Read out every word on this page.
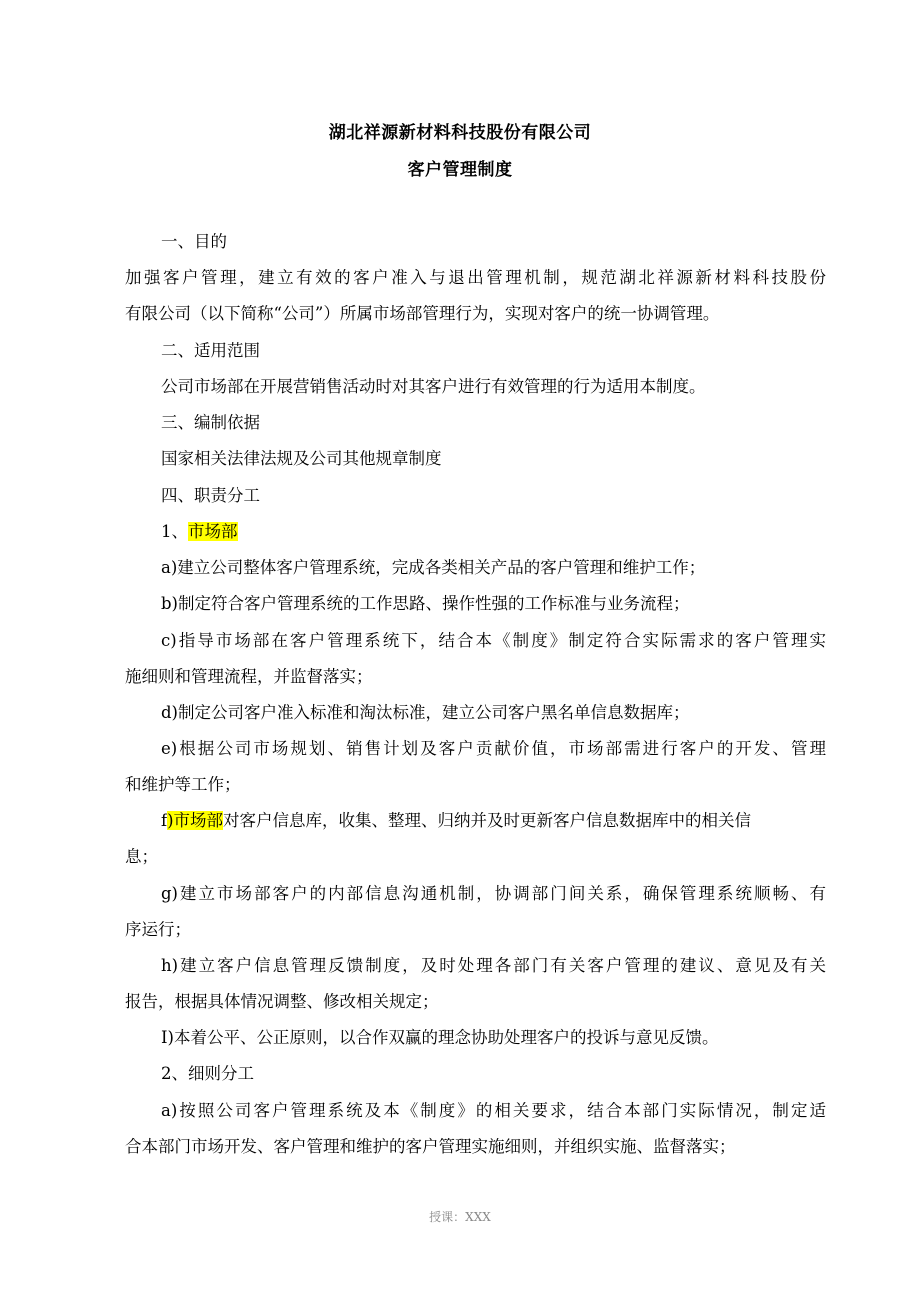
湖北祥源新材料科技股份有限公司
客户管理制度
一、目的
加强客户管理，建立有效的客户准入与退出管理机制，规范湖北祥源新材料科技股份
有限公司（以下简称“公司”）所属市场部管理行为，实现对客户的统一协调管理。
二、适用范围
公司市场部在开展营销售活动时对其客户进行有效管理的行为适用本制度。
三、编制依据
国家相关法律法规及公司其他规章制度
四、职责分工
1、市场部
a)建立公司整体客户管理系统，完成各类相关产品的客户管理和维护工作；
b)制定符合客户管理系统的工作思路、操作性强的工作标准与业务流程；
c)指导市场部在客户管理系统下，结合本《制度》制定符合实际需求的客户管理实
施细则和管理流程，并监督落实；
d)制定公司客户准入标准和淘汰标准，建立公司客户黑名单信息数据库；
e)根据公司市场规划、销售计划及客户贡献价值，市场部需进行客户的开发、管理
和维护等工作；
f)市场部对客户信息库，收集、整理、归纳并及时更新客户信息数据库中的相关信
息；
g)建立市场部客户的内部信息沟通机制，协调部门间关系，确保管理系统顺畅、有
序运行；
h)建立客户信息管理反馈制度，及时处理各部门有关客户管理的建议、意见及有关
报告，根据具体情况调整、修改相关规定；
I)本着公平、公正原则，以合作双赢的理念协助处理客户的投诉与意见反馈。
2、细则分工
a)按照公司客户管理系统及本《制度》的相关要求，结合本部门实际情况，制定适
合本部门市场开发、客户管理和维护的客户管理实施细则，并组织实施、监督落实；
授课：XXX
